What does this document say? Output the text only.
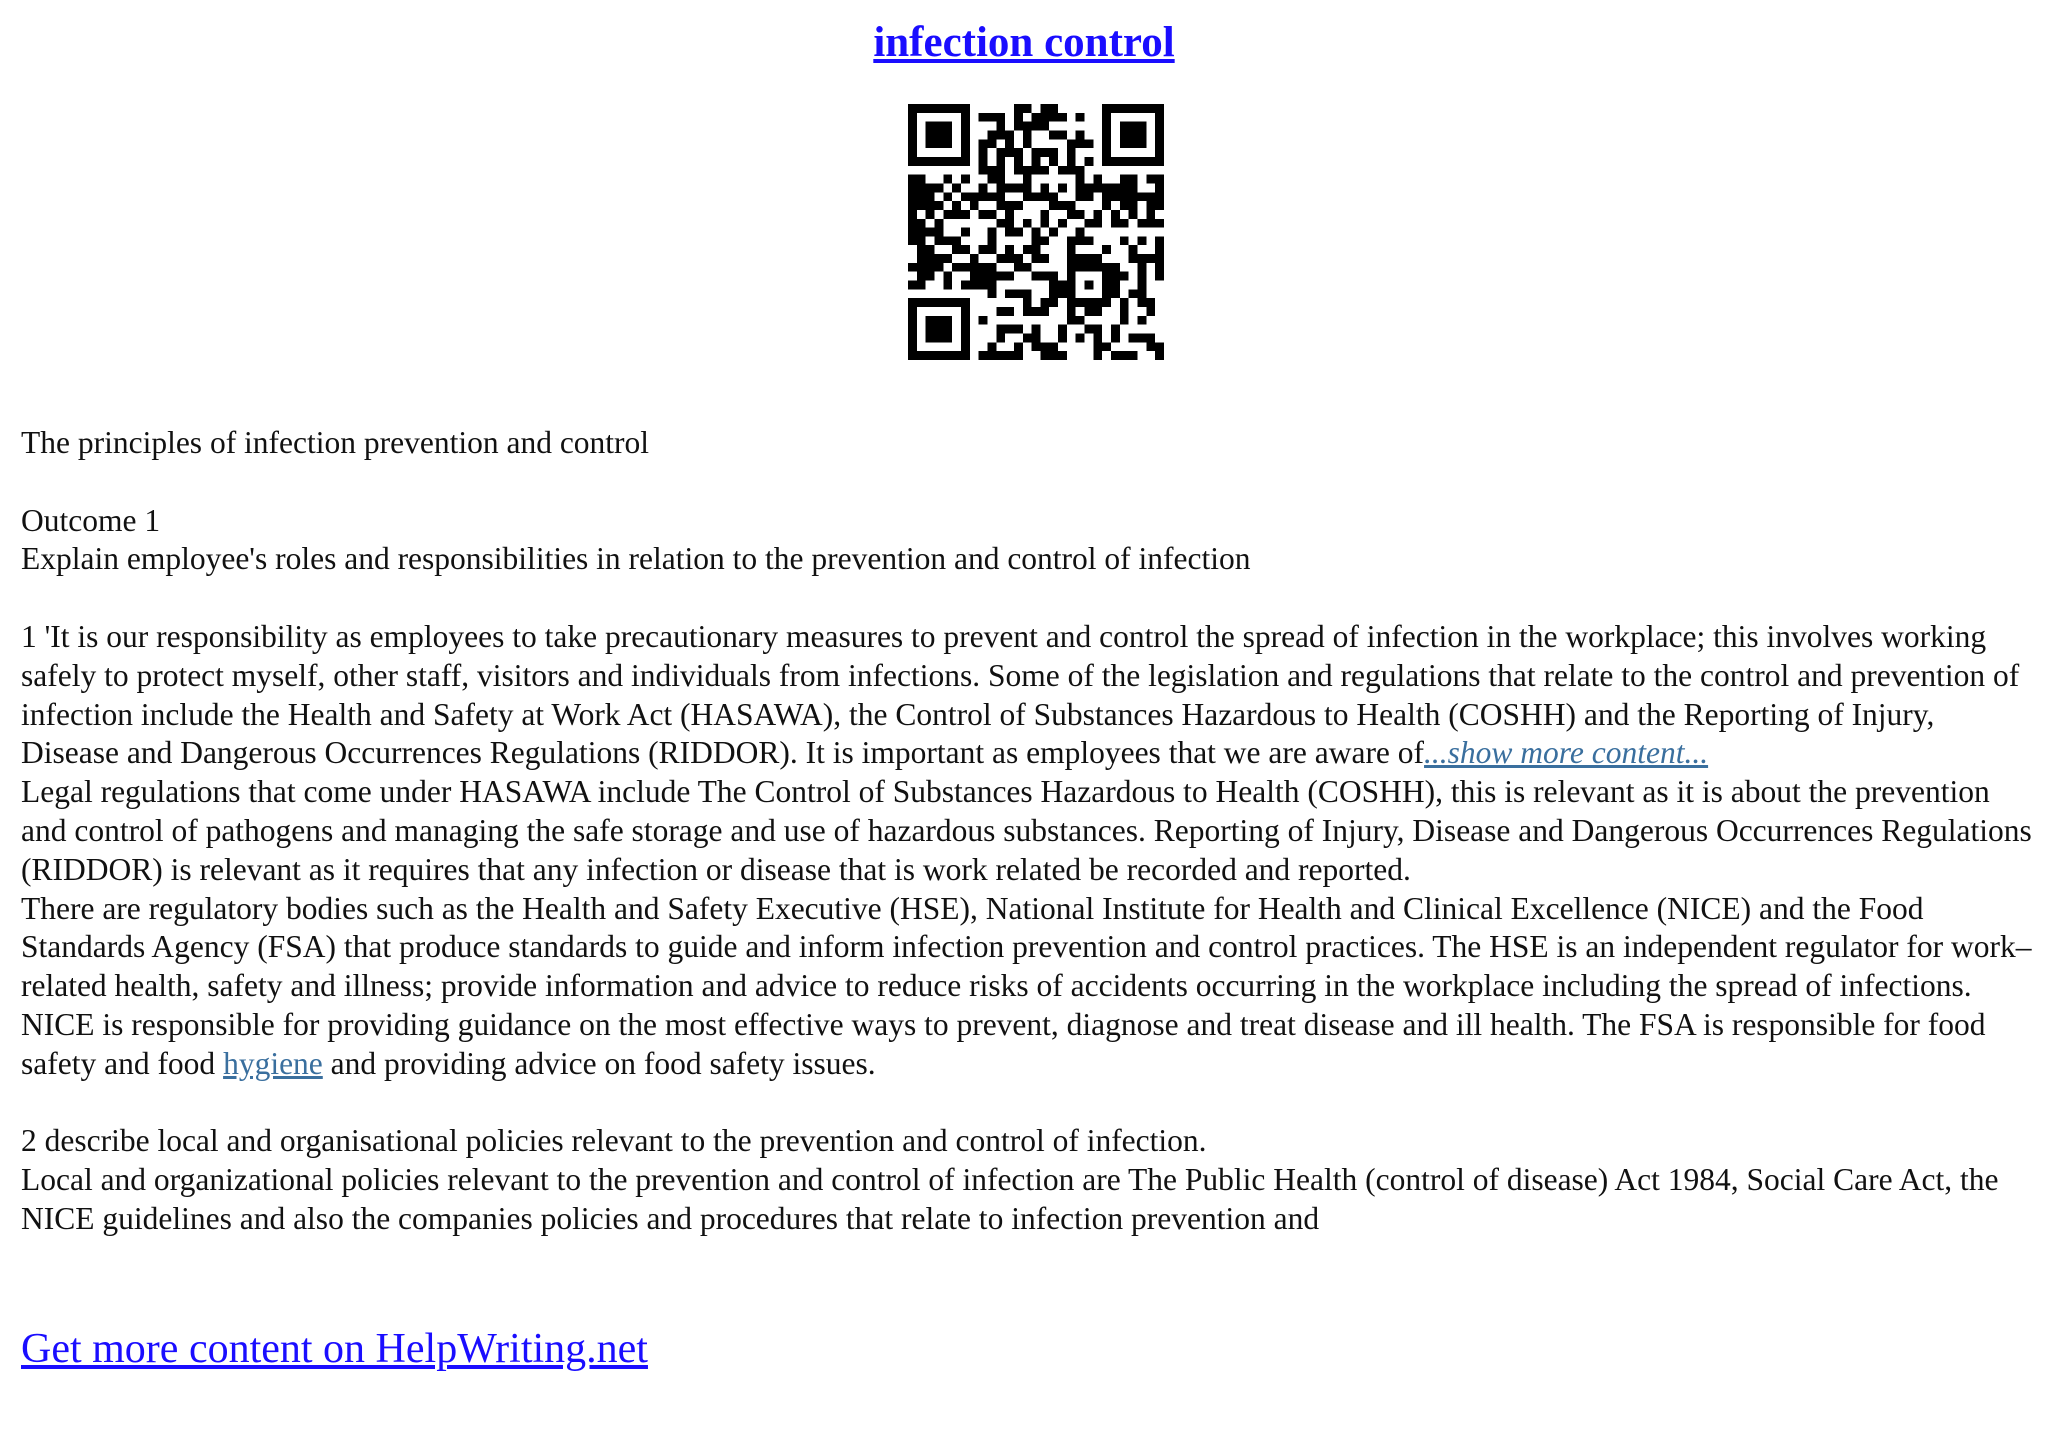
infection control

The principles of infection prevention and control

Outcome 1

Explain employee's roles and responsibilities in relation to the prevention and control of infection

1 'It is our responsibility as employees to take precautionary measures to prevent and control the spread of infection in the workplace; this involves working safely to protect myself, other staff, visitors and individuals from infections. Some of the legislation and regulations that relate to the control and prevention of infection include the Health and Safety at Work Act (HASAWA), the Control of Substances Hazardous to Health (COSHH) and the Reporting of Injury, Disease and Dangerous Occurrences Regulations (RIDDOR). It is important as employees that we are aware of...show more content...

Legal regulations that come under HASAWA include The Control of Substances Hazardous to Health (COSHH), this is relevant as it is about the prevention and control of pathogens and managing the safe storage and use of hazardous substances. Reporting of Injury, Disease and Dangerous Occurrences Regulations (RIDDOR) is relevant as it requires that any infection or disease that is work related be recorded and reported.

There are regulatory bodies such as the Health and Safety Executive (HSE), National Institute for Health and Clinical Excellence (NICE) and the Food Standards Agency (FSA) that produce standards to guide and inform infection prevention and control practices. The HSE is an independent regulator for work–related health, safety and illness; provide information and advice to reduce risks of accidents occurring in the workplace including the spread of infections. NICE is responsible for providing guidance on the most effective ways to prevent, diagnose and treat disease and ill health. The FSA is responsible for food safety and food hygiene and providing advice on food safety issues.

2 describe local and organisational policies relevant to the prevention and control of infection.

Local and organizational policies relevant to the prevention and control of infection are The Public Health (control of disease) Act 1984, Social Care Act, the NICE guidelines and also the companies policies and procedures that relate to infection prevention and

Get more content on HelpWriting.net
